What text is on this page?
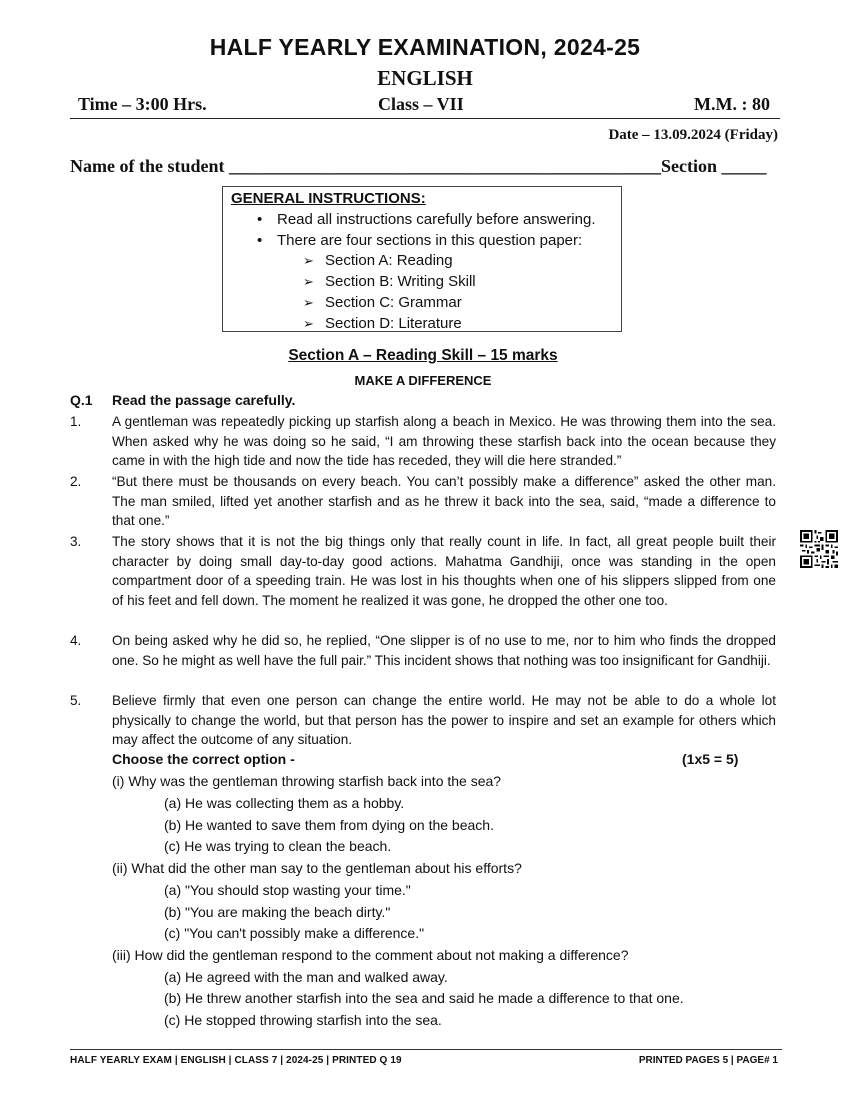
HALF YEARLY EXAMINATION, 2024-25
ENGLISH
Time – 3:00 Hrs.	Class – VII	M.M. : 80
Date – 13.09.2024 (Friday)
Name of the student ________________________________________________Section _____
GENERAL INSTRUCTIONS:
• Read all instructions carefully before answering.
• There are four sections in this question paper:
➢ Section A: Reading
➢ Section B: Writing Skill
➢ Section C: Grammar
➢ Section D: Literature
Section A – Reading Skill – 15 marks
MAKE A DIFFERENCE
Q.1 Read the passage carefully.
1. A gentleman was repeatedly picking up starfish along a beach in Mexico. He was throwing them into the sea. When asked why he was doing so he said, “I am throwing these starfish back into the ocean because they came in with the high tide and now the tide has receded, they will die here stranded.”
2. “But there must be thousands on every beach. You can’t possibly make a difference” asked the other man. The man smiled, lifted yet another starfish and as he threw it back into the sea, said, “made a difference to that one.”
3. The story shows that it is not the big things only that really count in life. In fact, all great people built their character by doing small day-to-day good actions. Mahatma Gandhiji, once was standing in the open compartment door of a speeding train. He was lost in his thoughts when one of his slippers slipped from one of his feet and fell down. The moment he realized it was gone, he dropped the other one too.
4. On being asked why he did so, he replied, “One slipper is of no use to me, nor to him who finds the dropped one. So he might as well have the full pair.” This incident shows that nothing was too insignificant for Gandhiji.
5. Believe firmly that even one person can change the entire world. He may not be able to do a whole lot physically to change the world, but that person has the power to inspire and set an example for others which may affect the outcome of any situation.
Choose the correct option -	(1x5 = 5)
(i) Why was the gentleman throwing starfish back into the sea?
(a) He was collecting them as a hobby.
(b) He wanted to save them from dying on the beach.
(c) He was trying to clean the beach.
(ii) What did the other man say to the gentleman about his efforts?
(a) "You should stop wasting your time."
(b) "You are making the beach dirty."
(c) "You can't possibly make a difference."
(iii) How did the gentleman respond to the comment about not making a difference?
(a) He agreed with the man and walked away.
(b) He threw another starfish into the sea and said he made a difference to that one.
(c) He stopped throwing starfish into the sea.
HALF YEARLY EXAM | ENGLISH | CLASS 7 | 2024-25 | PRINTED Q 19	PRINTED PAGES 5 | PAGE# 1
